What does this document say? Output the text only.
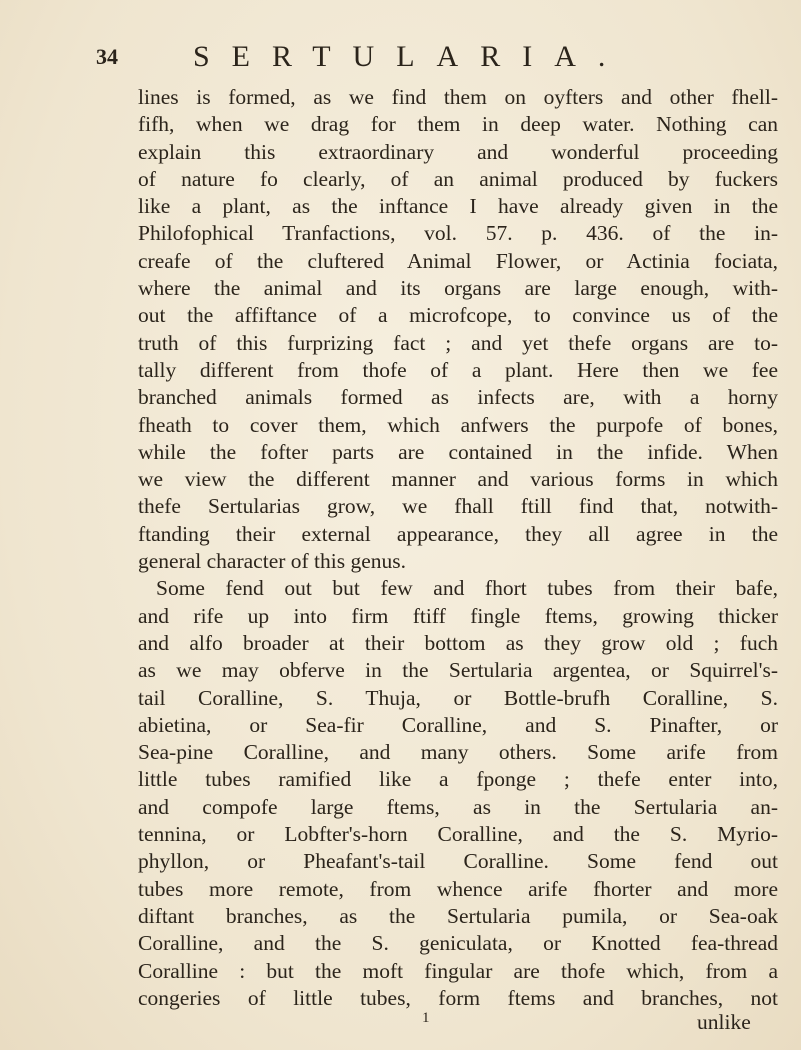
34	SERTULARIA.
lines is formed, as we find them on oyfters and other fhell-
fifh, when we drag for them in deep water. Nothing can
explain this extraordinary and wonderful proceeding
of nature fo clearly, of an animal produced by fuckers
like a plant, as the inftance I have already given in the
Philofophical Tranfactions, vol. 57. p. 436. of the in-
creafe of the cluftered Animal Flower, or Actinia fociata,
where the animal and its organs are large enough, with-
out the affiftance of a microfcope, to convince us of the
truth of this furprizing fact ; and yet thefe organs are to-
tally different from thofe of a plant. Here then we fee
branched animals formed as infects are, with a horny
fheath to cover them, which anfwers the purpofe of bones,
while the fofter parts are contained in the infide. When
we view the different manner and various forms in which
thefe Sertularias grow, we fhall ftill find that, notwith-
ftanding their external appearance, they all agree in the
general character of this genus.
Some fend out but few and fhort tubes from their bafe,
and rife up into firm ftiff fingle ftems, growing thicker
and alfo broader at their bottom as they grow old ; fuch
as we may obferve in the Sertularia argentea, or Squirrel's-
tail Coralline, S. Thuja, or Bottle-brufh Coralline, S.
abietina, or Sea-fir Coralline, and S. Pinafter, or
Sea-pine Coralline, and many others. Some arife from
little tubes ramified like a fponge ; thefe enter into,
and compofe large ftems, as in the Sertularia an-
tennina, or Lobfter's-horn Coralline, and the S. Myrio-
phyllon, or Pheafant's-tail Coralline. Some fend out
tubes more remote, from whence arife fhorter and more
diftant branches, as the Sertularia pumila, or Sea-oak
Coralline, and the S. geniculata, or Knotted fea-thread
Coralline : but the moft fingular are thofe which, from a
congeries of little tubes, form ftems and branches, not
1	unlike
